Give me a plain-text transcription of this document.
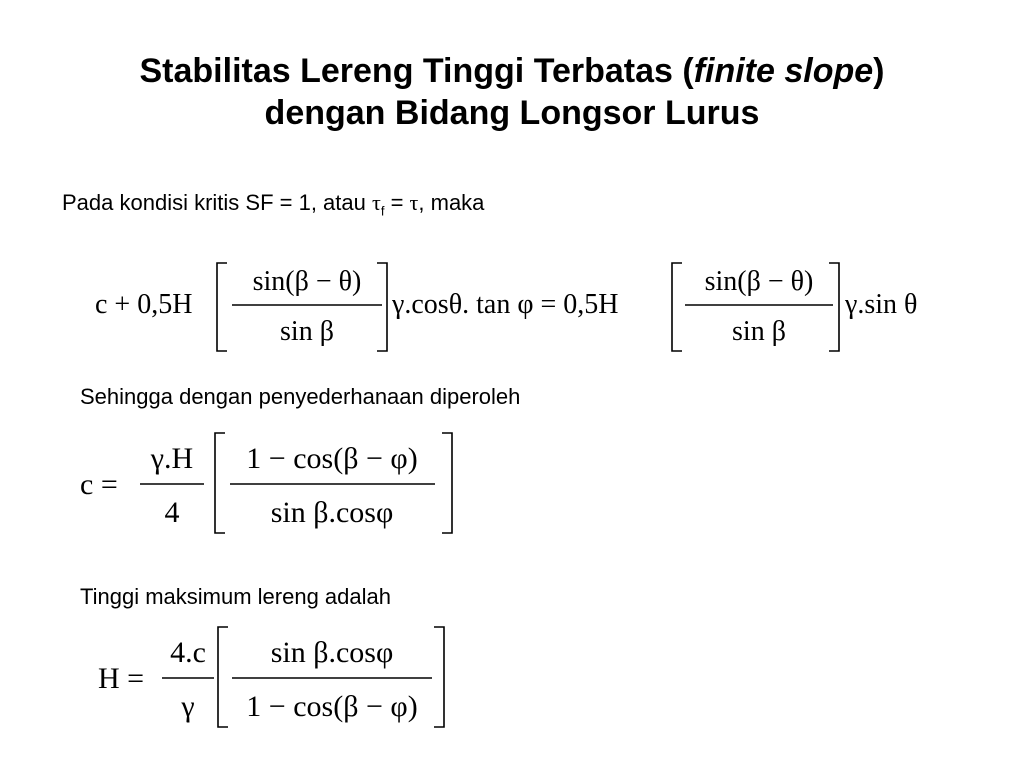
Stabilitas Lereng Tinggi Terbatas (finite slope)
dengan Bidang Longsor Lurus
Pada kondisi kritis SF = 1, atau $\tau_f = \tau$, maka
c + 0,5H
sin(β − θ)
sin β
γ.cosθ. tan φ = 0,5H
sin(β − θ)
sin β
γ.sin θ
Sehingga dengan penyederhanaan diperoleh
c =
γ.H
4
1 − cos(β − φ)
sin β.cosφ
Tinggi maksimum lereng adalah
H =
4.c
γ
sin β.cosφ
1 − cos(β − φ)
